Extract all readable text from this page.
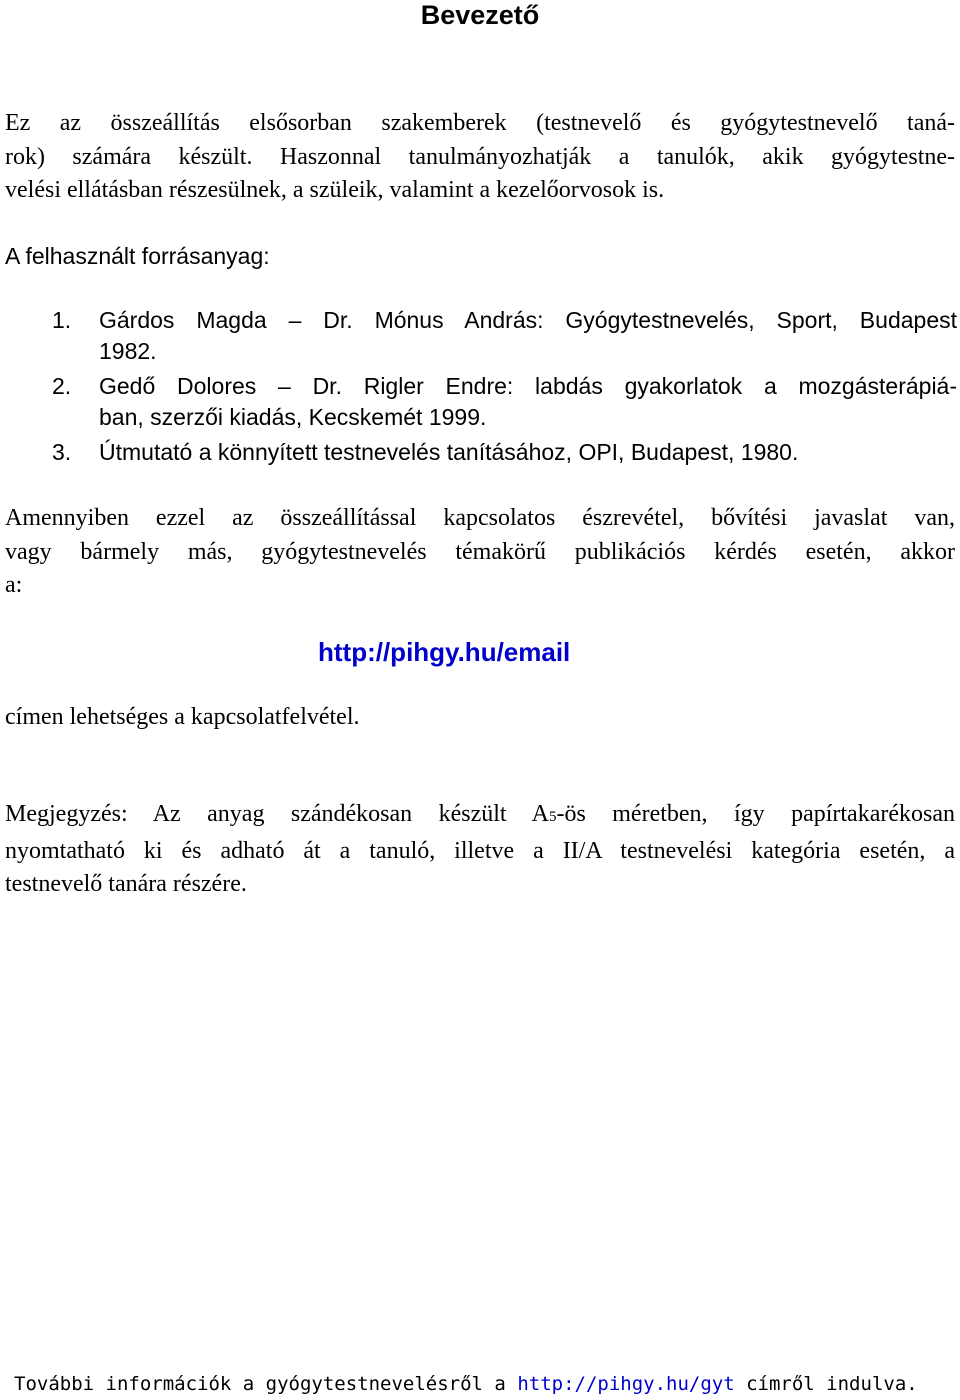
Bevezető
Ez az összeállítás elsősorban szakemberek (testnevelő és gyógytestnevelő taná-
rok) számára készült. Haszonnal tanulmányozhatják a tanulók, akik gyógytestne-
velési ellátásban részesülnek, a szüleik, valamint a kezelőorvosok is.
A felhasznált forrásanyag:
1. Gárdos Magda – Dr. Mónus András: Gyógytestnevelés, Sport, Budapest
1982.
2. Gedő Dolores – Dr. Rigler Endre: labdás gyakorlatok a mozgásterápiá-
ban, szerzői kiadás, Kecskemét 1999.
3. Útmutató a könnyített testnevelés tanításához, OPI, Budapest, 1980.
Amennyiben ezzel az összeállítással kapcsolatos észrevétel, bővítési javaslat van,
vagy bármely más, gyógytestnevelés témakörű publikációs kérdés esetén, akkor
a:
http://pihgy.hu/email
címen lehetséges a kapcsolatfelvétel.
Megjegyzés: Az anyag szándékosan készült A5-ös méretben, így papírtakarékosan
nyomtatható ki és adható át a tanuló, illetve a II/A testnevelési kategória esetén, a
testnevelő tanára részére.
További információk a gyógytestnevelésről a http://pihgy.hu/gyt címről indulva.
